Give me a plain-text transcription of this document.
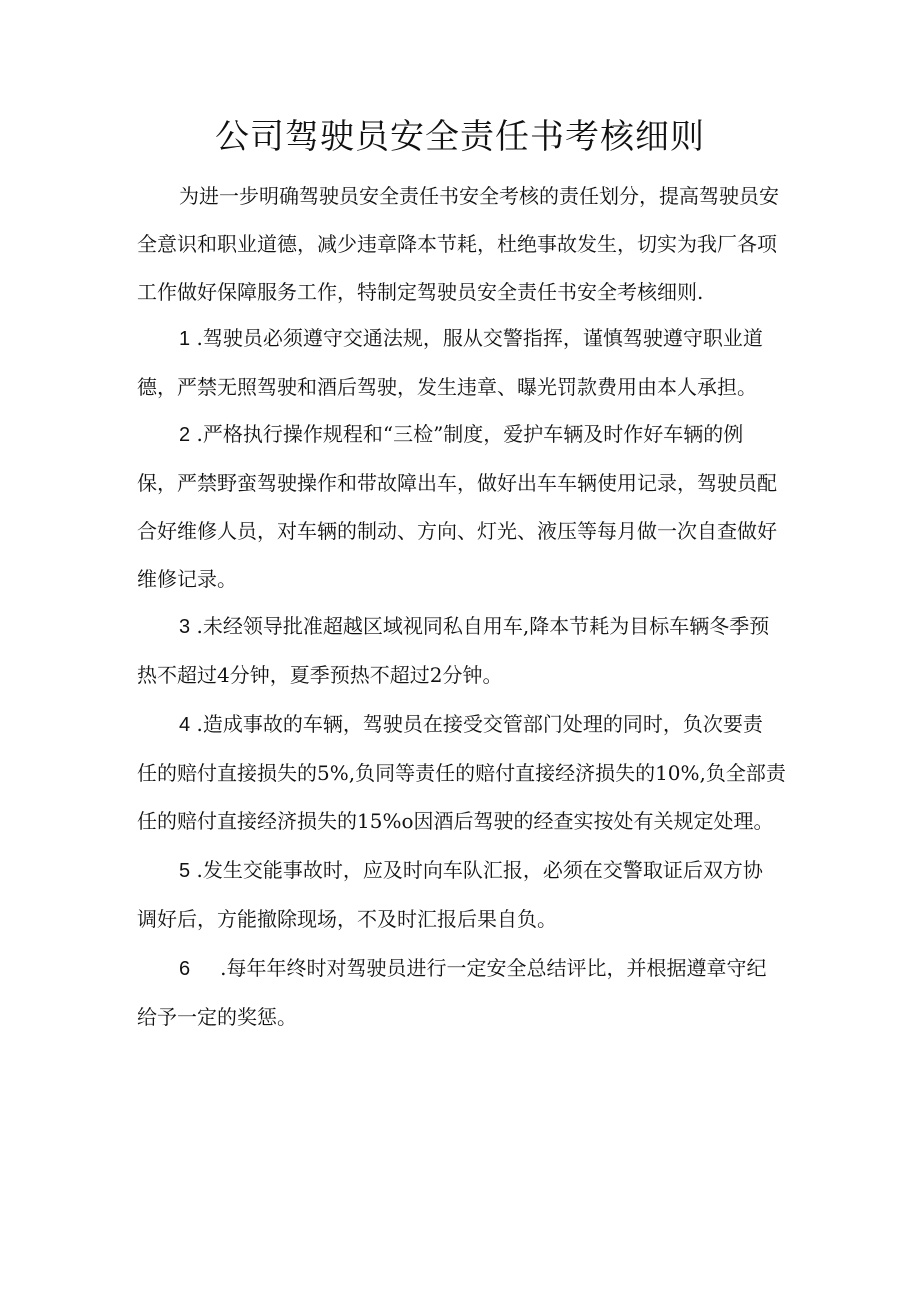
公司驾驶员安全责任书考核细则
为进一步明确驾驶员安全责任书安全考核的责任划分，提高驾驶员安
全意识和职业道德，减少违章降本节耗，杜绝事故发生，切实为我厂各项
工作做好保障服务工作，特制定驾驶员安全责任书安全考核细则.
1 .驾驶员必须遵守交通法规，服从交警指挥，谨慎驾驶遵守职业道
德，严禁无照驾驶和酒后驾驶，发生违章、曝光罚款费用由本人承担。
2 .严格执行操作规程和“三检”制度，爱护车辆及时作好车辆的例
保，严禁野蛮驾驶操作和带故障出车，做好出车车辆使用记录，驾驶员配
合好维修人员，对车辆的制动、方向、灯光、液压等每月做一次自查做好
维修记录。
3 .未经领导批准超越区域视同私自用车,降本节耗为目标车辆冬季预
热不超过4分钟，夏季预热不超过2分钟。
4 .造成事故的车辆，驾驶员在接受交管部门处理的同时，负次要责
任的赔付直接损失的5%,负同等责任的赔付直接经济损失的10%,负全部责
任的赔付直接经济损失的15%o因酒后驾驶的经查实按处有关规定处理。
5 .发生交能事故时，应及时向车队汇报，必须在交警取证后双方协
调好后，方能撤除现场，不及时汇报后果自负。
6 .每年年终时对驾驶员进行一定安全总结评比，并根据遵章守纪
给予一定的奖惩。
